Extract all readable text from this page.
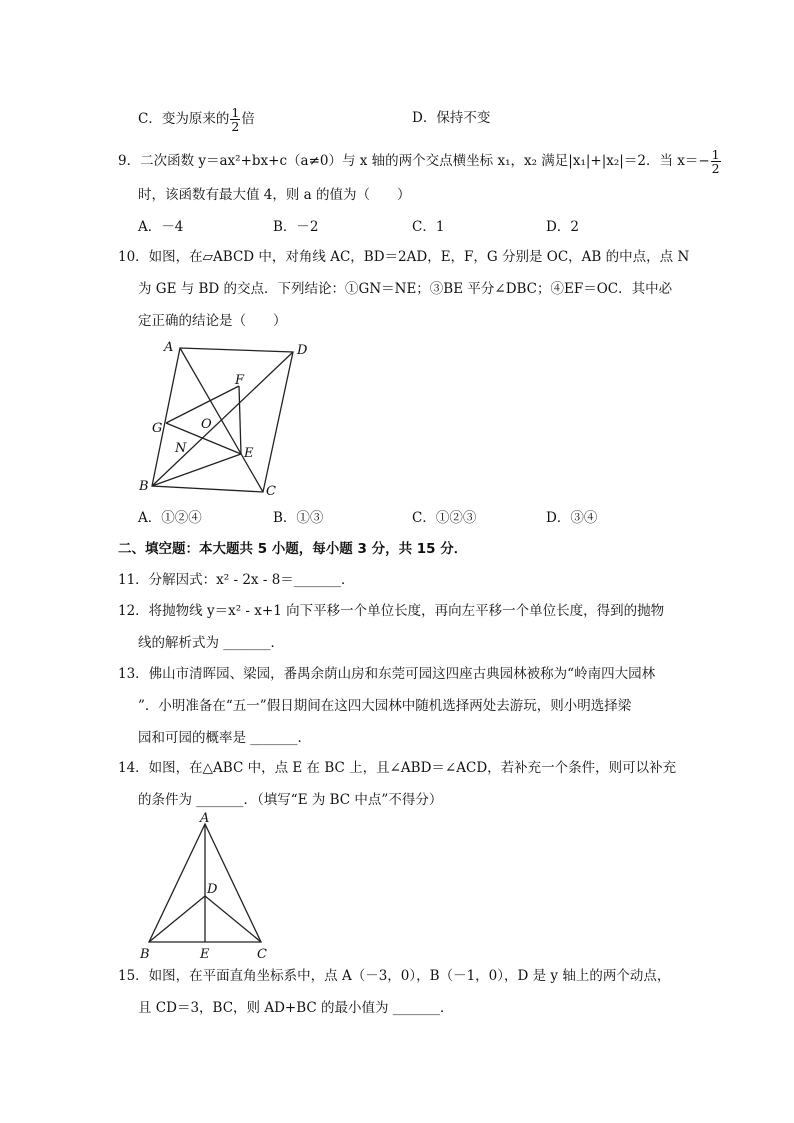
C．变为原来的 $\frac{1}{2}$ 倍	D．保持不变
9．二次函数 y＝ax²+bx+c（a≠0）与 x 轴的两个交点横坐标 x₁，x₂ 满足|x₁|+|x₂|＝2．当 $x=- \frac{1}{2}$
时，该函数有最大值 4，则 a 的值为（　　）
A．－4	B．－2	C．1	D．2
10．如图，在▱ABCD 中，对角线 AC，BD＝2AD，E，F，G 分别是 OC，AB 的中点，点 N
为 GE 与 BD 的交点．下列结论：①GN＝NE；③BE 平分∠DBC；④EF＝OC．其中必
定正确的结论是（　　）
A	D
F
G	O
N	E
B	C
A．①②④	B．①③	C．①②③	D．③④
二、填空题：本大题共 5 小题，每小题 3 分，共 15 分．
11．分解因式：x² - 2x - 8＝_______．
12．将抛物线 y＝x² - x+1 向下平移一个单位长度，再向左平移一个单位长度，得到的抛物
线的解析式为 _______．
13．佛山市清晖园、梁园，番禺余荫山房和东莞可园这四座古典园林被称为“岭南四大园林
”．小明准备在“五一”假日期间在这四大园林中随机选择两处去游玩，则小明选择梁
园和可园的概率是 _______．
14．如图，在△ABC 中，点 E 在 BC 上，且∠ABD＝∠ACD，若补充一个条件，则可以补充
的条件为 _______．（填写“E 为 BC 中点”不得分）
A
D
B	E	C
15．如图，在平面直角坐标系中，点 A（－3，0），B（－1，0），D 是 y 轴上的两个动点，
且 CD＝3，BC，则 AD+BC 的最小值为 _______．
